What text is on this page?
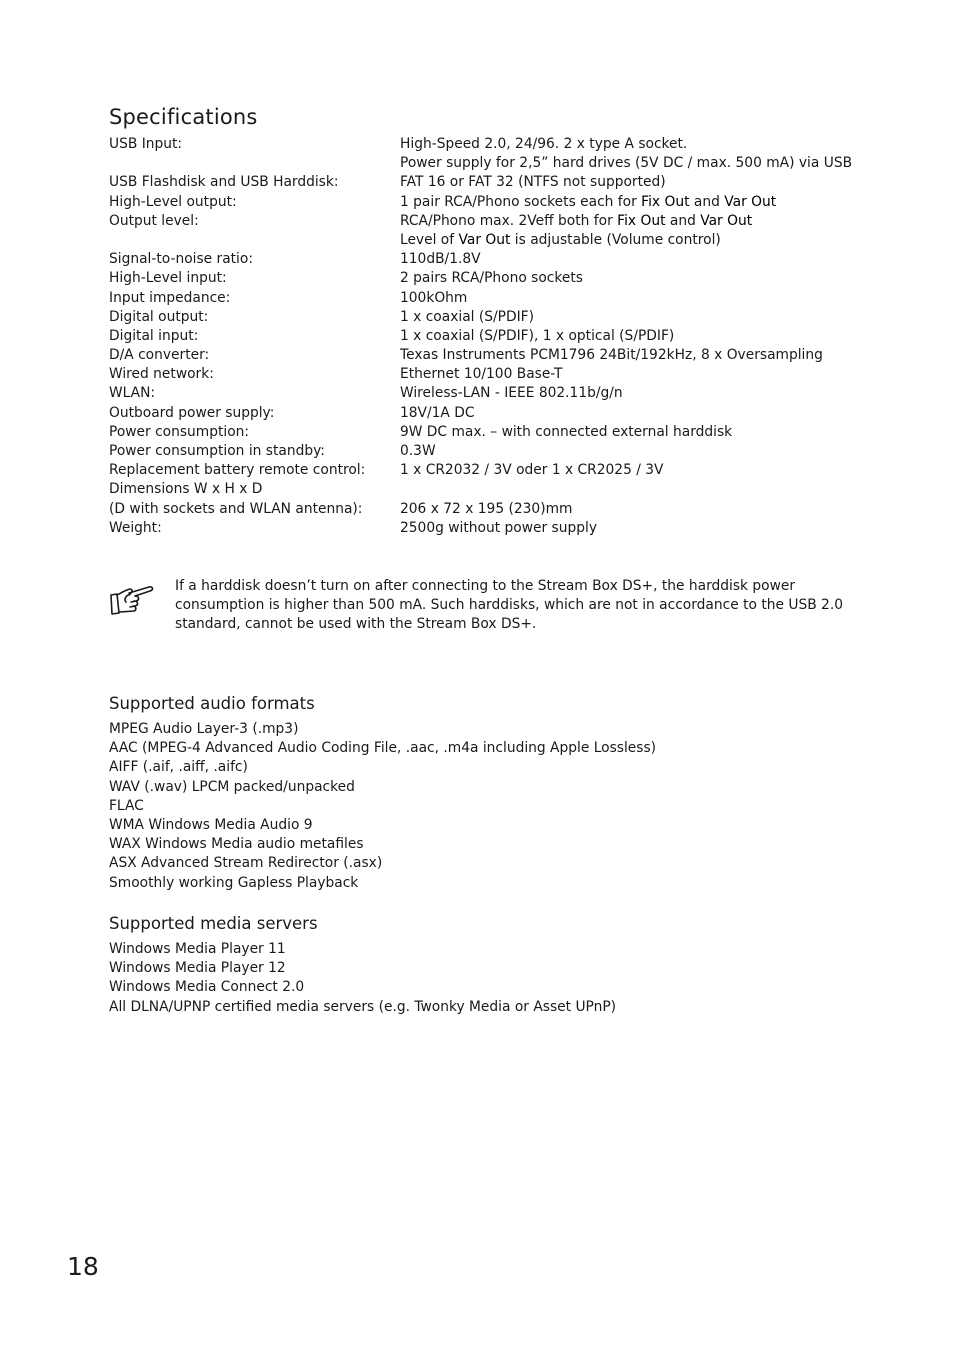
Specifications
USB Input:	High-Speed 2.0, 24/96. 2 x type A socket.
Power supply for 2,5” hard drives (5V DC / max. 500 mA) via USB
USB Flashdisk and USB Harddisk:	FAT 16 or FAT 32 (NTFS not supported)
High-Level output:	1 pair RCA/Phono sockets each for Fix Out and Var Out
Output level:	RCA/Phono max. 2Veff both for Fix Out and Var Out
Level of Var Out is adjustable (Volume control)
Signal-to-noise ratio:	110dB/1.8V
High-Level input:	2 pairs RCA/Phono sockets
Input impedance:	100kOhm
Digital output:	1 x coaxial (S/PDIF)
Digital input:	1 x coaxial (S/PDIF), 1 x optical (S/PDIF)
D/A converter:	Texas Instruments PCM1796 24Bit/192kHz, 8 x Oversampling
Wired network:	Ethernet 10/100 Base-T
WLAN:	Wireless-LAN - IEEE 802.11b/g/n
Outboard power supply:	18V/1A DC
Power consumption:	9W DC max. – with connected external harddisk
Power consumption in standby:	0.3W
Replacement battery remote control:	1 x CR2032 / 3V oder 1 x CR2025 / 3V
Dimensions W x H x D
(D with sockets and WLAN antenna):	206 x 72 x 195 (230)mm
Weight:	2500g without power supply
If a harddisk doesn’t turn on after connecting to the Stream Box DS+, the harddisk power
consumption is higher than 500 mA. Such harddisks, which are not in accordance to the USB 2.0
standard, cannot be used with the Stream Box DS+.
Supported audio formats
MPEG Audio Layer-3 (.mp3)
AAC (MPEG-4 Advanced Audio Coding File, .aac, .m4a including Apple Lossless)
AIFF (.aif, .aiff, .aifc)
WAV (.wav) LPCM packed/unpacked
FLAC
WMA Windows Media Audio 9
WAX Windows Media audio metafiles
ASX Advanced Stream Redirector (.asx)
Smoothly working Gapless Playback
Supported media servers
Windows Media Player 11
Windows Media Player 12
Windows Media Connect 2.0
All DLNA/UPNP certified media servers (e.g. Twonky Media or Asset UPnP)
18
